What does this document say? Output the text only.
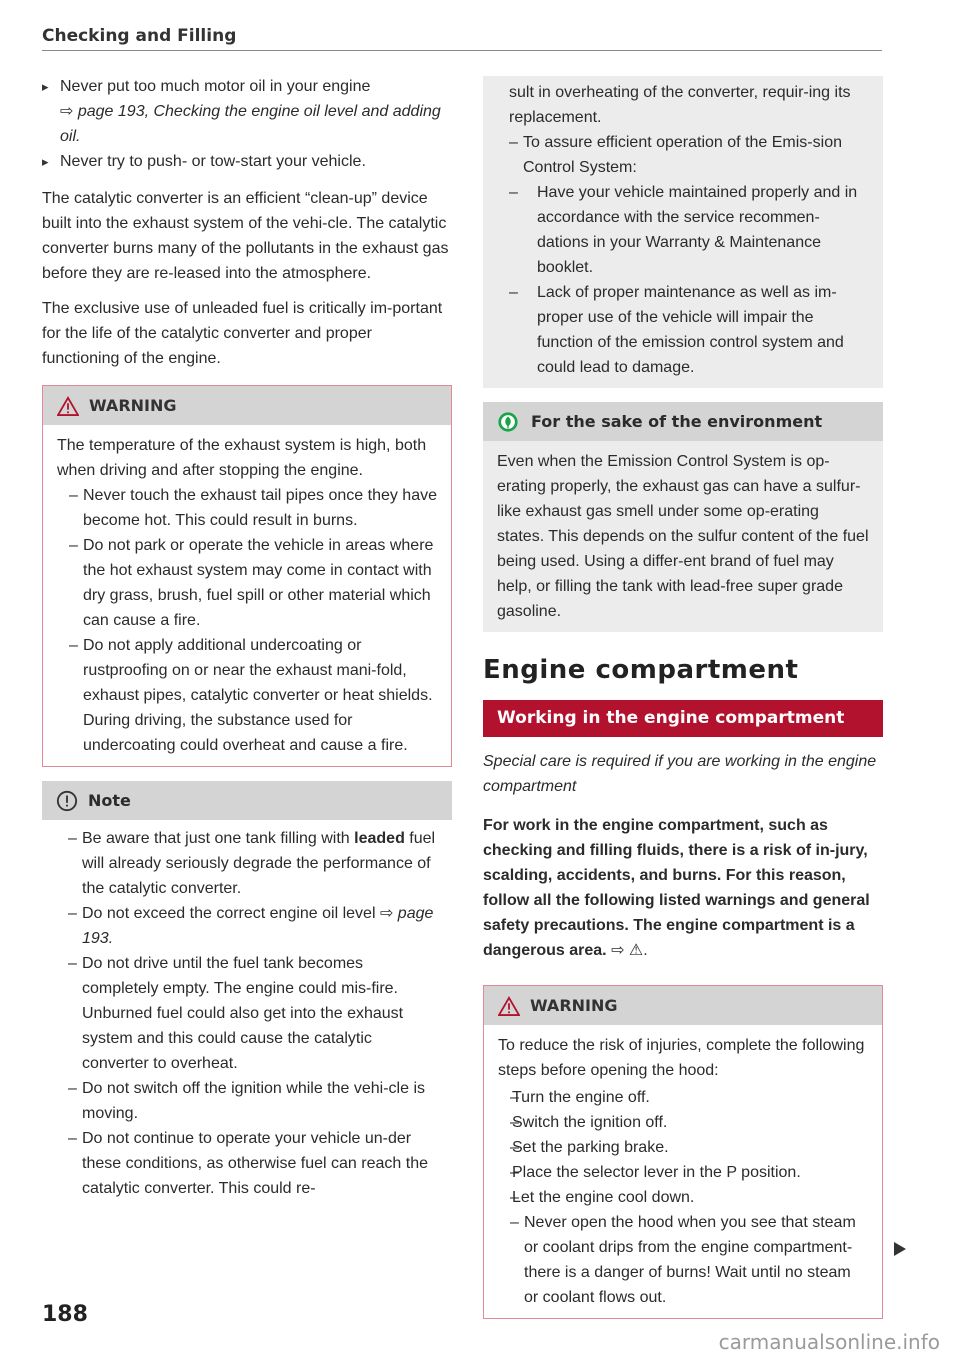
Checking and Filling
▸ Never put too much motor oil in your engine
⇨ page 193, Checking the engine oil level and adding oil.
▸ Never try to push- or tow-start your vehicle.

The catalytic converter is an efficient “clean-up” device built into the exhaust system of the vehi-cle. The catalytic converter burns many of the pollutants in the exhaust gas before they are re-leased into the atmosphere.

The exclusive use of unleaded fuel is critically im-portant for the life of the catalytic converter and proper functioning of the engine.

WARNING

The temperature of the exhaust system is high, both when driving and after stopping the engine.

– Never touch the exhaust tail pipes once they have become hot. This could result in burns.
– Do not park or operate the vehicle in areas where the hot exhaust system may come in contact with dry grass, brush, fuel spill or other material which can cause a fire.
– Do not apply additional undercoating or rustproofing on or near the exhaust mani-fold, exhaust pipes, catalytic converter or heat shields. During driving, the substance used for undercoating could overheat and cause a fire.
Note
– Be aware that just one tank filling with leaded fuel will already seriously degrade the performance of the catalytic converter.
– Do not exceed the correct engine oil level ⇨ page 193.
– Do not drive until the fuel tank becomes completely empty. The engine could mis-fire. Unburned fuel could also get into the exhaust system and this could cause the catalytic converter to overheat.
– Do not switch off the ignition while the vehi-cle is moving.
– Do not continue to operate your vehicle un-der these conditions, as otherwise fuel can reach the catalytic converter. This could re-
sult in overheating of the converter, requir-ing its replacement.
– To assure efficient operation of the Emis-sion Control System:
– Have your vehicle maintained properly and in accordance with the service recommen-dations in your Warranty & Maintenance booklet.
– Lack of proper maintenance as well as im-proper use of the vehicle will impair the function of the emission control system and could lead to damage.
For the sake of the environment
Even when the Emission Control System is op-erating properly, the exhaust gas can have a sulfur-like exhaust gas smell under some op-erating states. This depends on the sulfur content of the fuel being used. Using a differ-ent brand of fuel may help, or filling the tank with lead-free super grade gasoline.
Engine compartment
Working in the engine compartment

Special care is required if you are working in the engine compartment

For work in the engine compartment, such as checking and filling fluids, there is a risk of in-jury, scalding, accidents, and burns. For this reason, follow all the following listed warnings and general safety precautions. The engine compartment is a dangerous area. ⇨ ⚠.

WARNING

To reduce the risk of injuries, complete the following steps before opening the hood:

– Turn the engine off.
– Switch the ignition off.
– Set the parking brake.
– Place the selector lever in the P position.
– Let the engine cool down.
– Never open the hood when you see that steam or coolant drips from the engine compartment- there is a danger of burns! Wait until no steam or coolant flows out.
188
carmanualsonline.info
